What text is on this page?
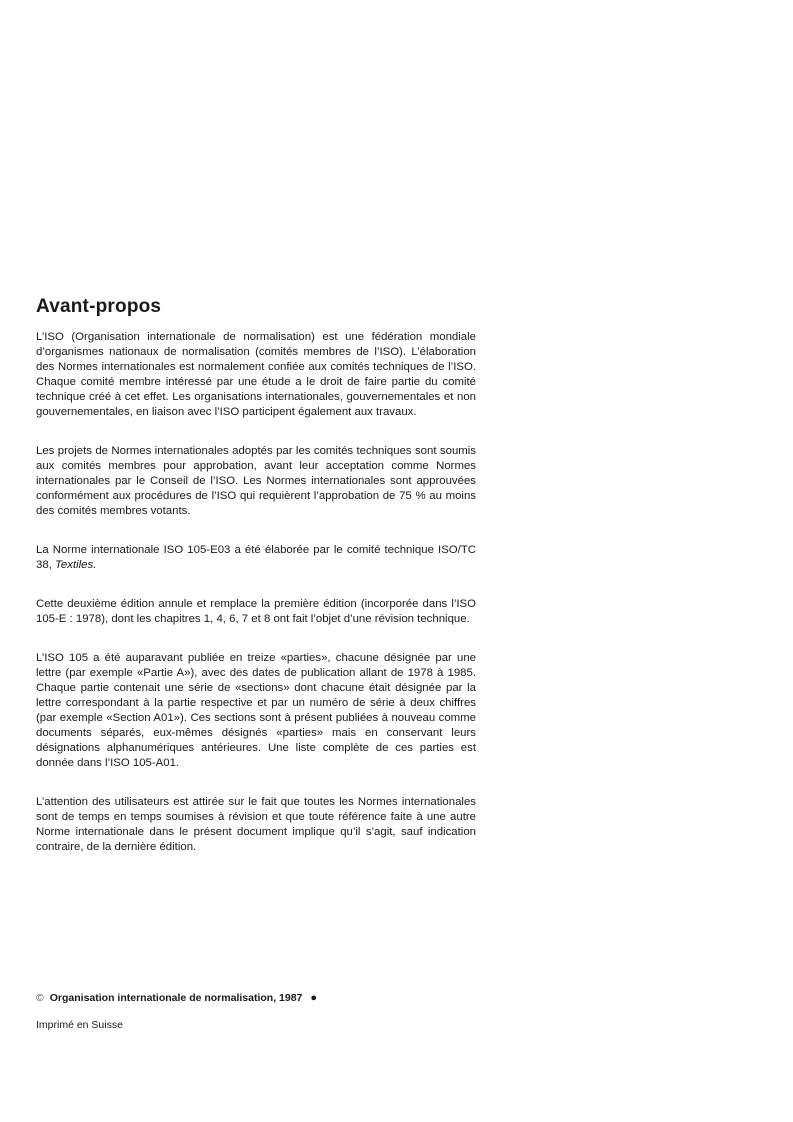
Avant-propos

L’ISO (Organisation internationale de normalisation) est une fédération mondiale d’organismes nationaux de normalisation (comités membres de l’ISO). L’élaboration des Normes internationales est normalement confiée aux comités techniques de l’ISO. Chaque comité membre intéressé par une étude a le droit de faire partie du comité technique créé à cet effet. Les organisations internationales, gouvernementales et non gouvernementales, en liaison avec l’ISO participent également aux travaux.

Les projets de Normes internationales adoptés par les comités techniques sont soumis aux comités membres pour approbation, avant leur acceptation comme Normes internationales par le Conseil de l’ISO. Les Normes internationales sont approuvées conformément aux procédures de l’ISO qui requièrent l’approbation de 75 % au moins des comités membres votants.

La Norme internationale ISO 105-E03 a été élaborée par le comité technique ISO/TC 38, Textiles.

Cette deuxième édition annule et remplace la première édition (incorporée dans l’ISO 105-E : 1978), dont les chapitres 1, 4, 6, 7 et 8 ont fait l’objet d’une révision technique.

L’ISO 105 a été auparavant publiée en treize «parties», chacune désignée par une lettre (par exemple «Partie A»), avec des dates de publication allant de 1978 à 1985. Chaque partie contenait une série de «sections» dont chacune était désignée par la lettre correspondant à la partie respective et par un numéro de série à deux chiffres (par exemple «Section A01»). Ces sections sont à présent publiées à nouveau comme documents séparés, eux-mêmes désignés «parties» mais en conservant leurs désignations alphanumériques antérieures. Une liste complète de ces parties est donnée dans l’ISO 105-A01.

L’attention des utilisateurs est attirée sur le fait que toutes les Normes internationales sont de temps en temps soumises à révision et que toute référence faite à une autre Norme internationale dans le présent document implique qu’il s’agit, sauf indication contraire, de la dernière édition.

© Organisation internationale de normalisation, 1987 ●
Imprimé en Suisse
